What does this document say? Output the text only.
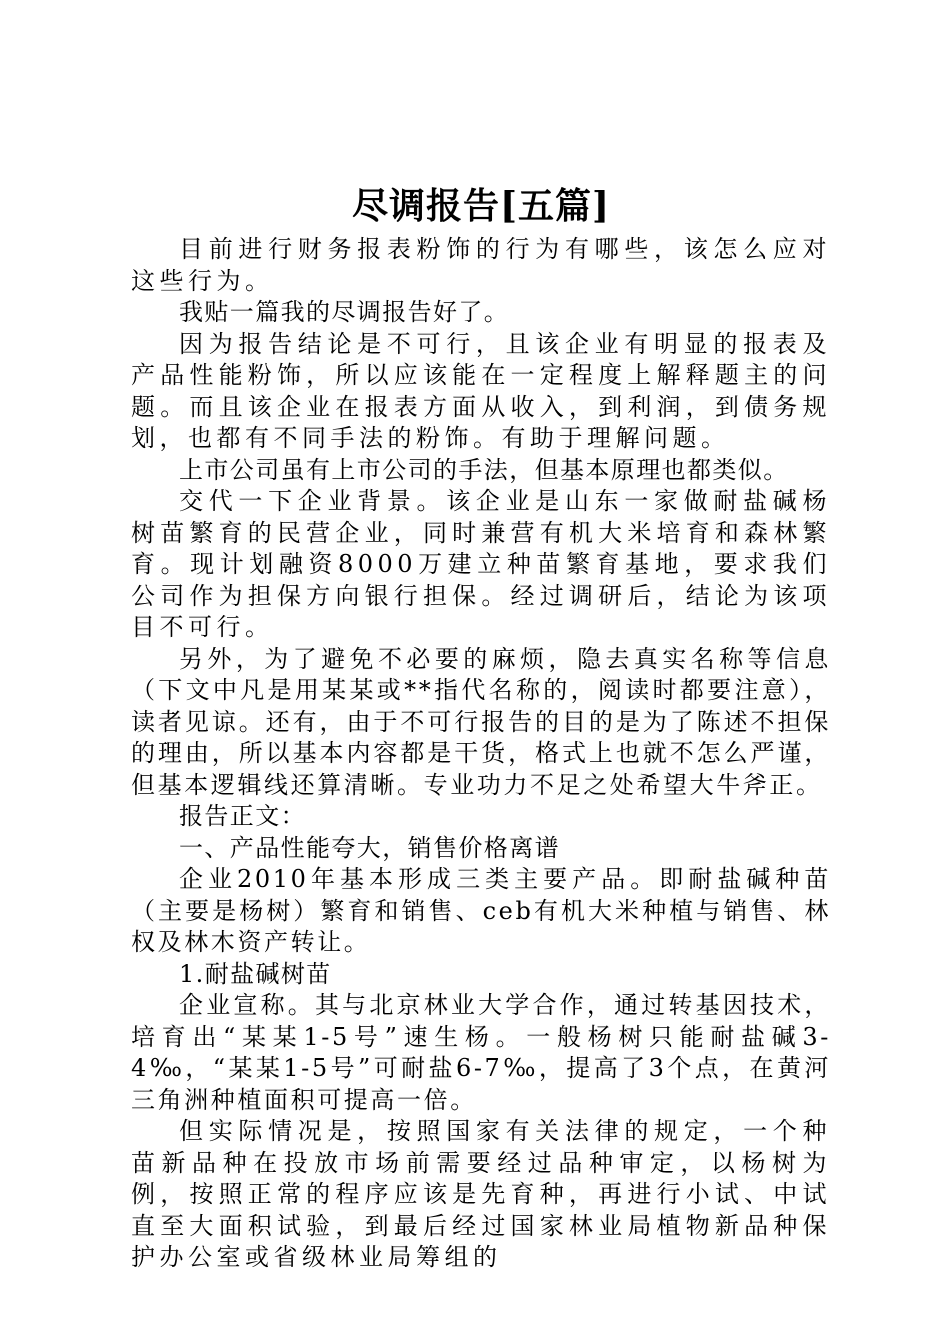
尽调报告[五篇]

目前进行财务报表粉饰的行为有哪些，该怎么应对这些行为。

我贴一篇我的尽调报告好了。

因为报告结论是不可行，且该企业有明显的报表及产品性能粉饰，所以应该能在一定程度上解释题主的问题。而且该企业在报表方面从收入，到利润，到债务规划，也都有不同手法的粉饰。有助于理解问题。

上市公司虽有上市公司的手法，但基本原理也都类似。

交代一下企业背景。该企业是山东一家做耐盐碱杨树苗繁育的民营企业，同时兼营有机大米培育和森林繁育。现计划融资8000万建立种苗繁育基地，要求我们公司作为担保方向银行担保。经过调研后，结论为该项目不可行。

另外，为了避免不必要的麻烦，隐去真实名称等信息（下文中凡是用某某或**指代名称的，阅读时都要注意），读者见谅。还有，由于不可行报告的目的是为了陈述不担保的理由，所以基本内容都是干货，格式上也就不怎么严谨，但基本逻辑线还算清晰。专业功力不足之处希望大牛斧正。

报告正文：

一、产品性能夸大，销售价格离谱

企业2010年基本形成三类主要产品。即耐盐碱种苗（主要是杨树）繁育和销售、ceb有机大米种植与销售、林权及林木资产转让。

1.耐盐碱树苗

企业宣称。其与北京林业大学合作，通过转基因技术，培育出“某某1-5号”速生杨。一般杨树只能耐盐碱3-4‰，“某某1-5号”可耐盐6-7‰，提高了3个点，在黄河三角洲种植面积可提高一倍。

但实际情况是，按照国家有关法律的规定，一个种苗新品种在投放市场前需要经过品种审定，以杨树为例，按照正常的程序应该是先育种，再进行小试、中试直至大面积试验，到最后经过国家林业局植物新品种保护办公室或省级林业局筹组的
